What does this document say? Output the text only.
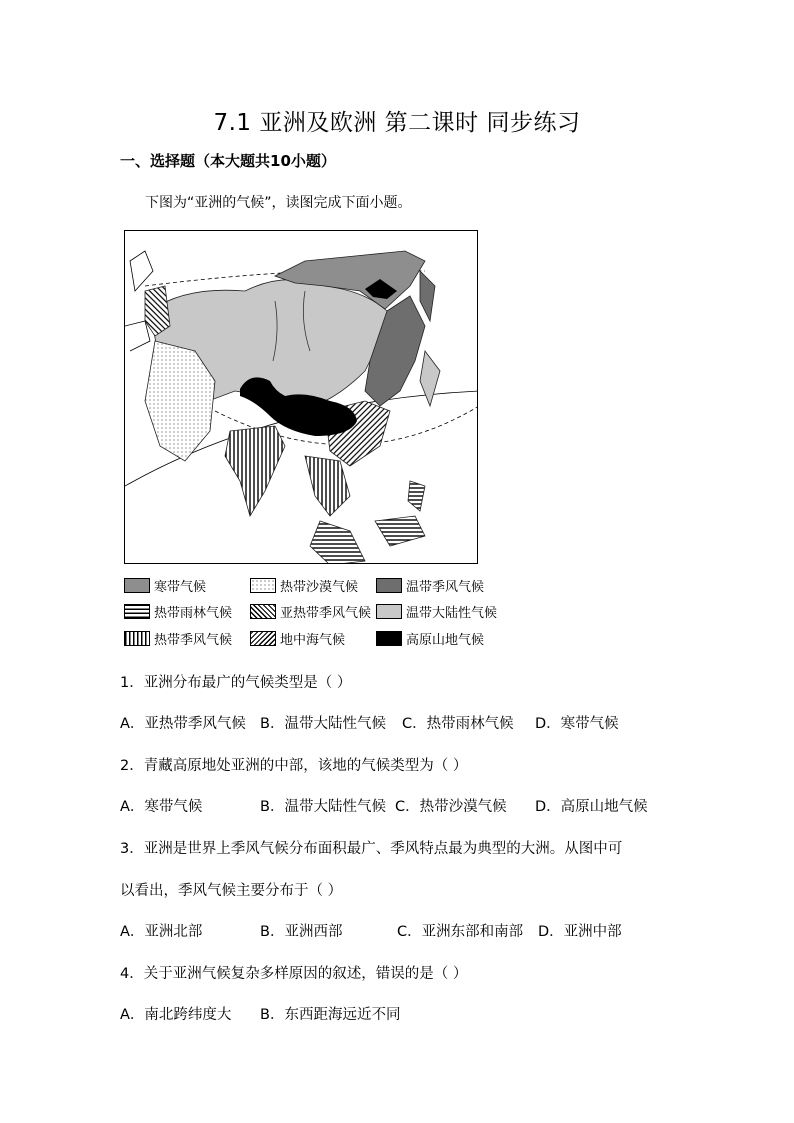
7.1 亚洲及欧洲 第二课时 同步练习
一、选择题（本大题共10小题）
下图为“亚洲的气候”，读图完成下面小题。
寒带气候	热带沙漠气候	温带季风气候
热带雨林气候	亚热带季风气候	温带大陆性气候
热带季风气候	地中海气候	高原山地气候
1．亚洲分布最广的气候类型是（ ）
A．亚热带季风气候 B．温带大陆性气候 C．热带雨林气候 D．寒带气候
2．青藏高原地处亚洲的中部，该地的气候类型为（ ）
A．寒带气候	B．温带大陆性气候 C．热带沙漠气候 D．高原山地气候
3．亚洲是世界上季风气候分布面积最广、季风特点最为典型的大洲。从图中可
以看出，季风气候主要分布于（ ）
A．亚洲北部	B．亚洲西部	C．亚洲东部和南部 D．亚洲中部
4．关于亚洲气候复杂多样原因的叙述，错误的是（ ）
A．南北跨纬度大 B．东西距海远近不同
